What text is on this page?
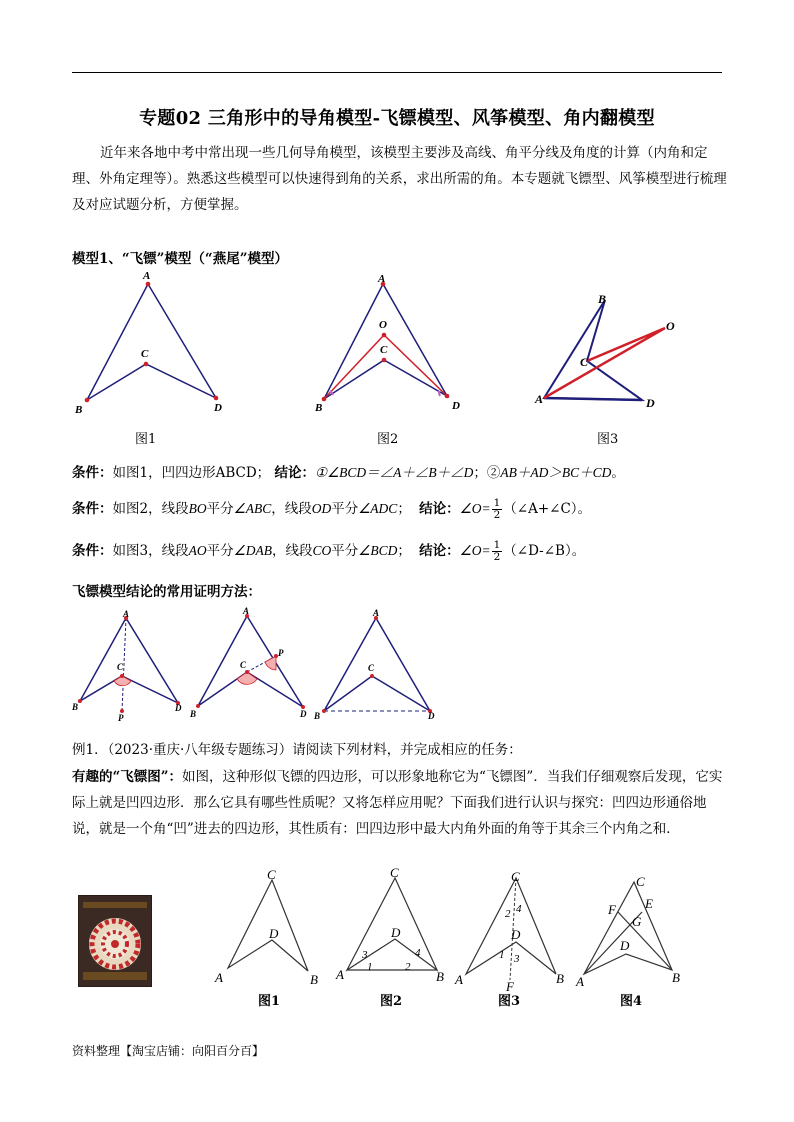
专题02 三角形中的导角模型-飞镖模型、风筝模型、角内翻模型
近年来各地中考中常出现一些几何导角模型，该模型主要涉及高线、角平分线及角度的计算（内角和定理、外角定理等）。熟悉这些模型可以快速得到角的关系，求出所需的角。本专题就飞镖型、风筝模型进行梳理及对应试题分析，方便掌握。
模型1、“飞镖”模型（“燕尾”模型）
A
B
C
D
图1
A
O
C
B	D
图2
B
O
C
A	D
图3
条件：如图1，凹四边形ABCD； 结论：①∠BCD＝∠A＋∠B＋∠D；②AB＋AD＞BC＋CD。
条件：如图2，线段BO平分∠ABC，线段OD平分∠ADC； 结论：∠O= $\frac{1}{2}$ （∠A+∠C）。
条件：如图3，线段AO平分∠DAB，线段CO平分∠BCD； 结论：∠O= $\frac{1}{2}$ （∠D-∠B）。
飞镖模型结论的常用证明方法：
A
C
B	D
P
A
C
P
B	D
A
C
B	D
例1．（2023·重庆·八年级专题练习）请阅读下列材料，并完成相应的任务：
有趣的“飞镖图”：如图，这种形似飞镖的四边形，可以形象地称它为“飞镖图”．当我们仔细观察后发现，它实际上就是凹四边形．那么它具有哪些性质呢？又将怎样应用呢？下面我们进行认识与探究：凹四边形通俗地说，就是一个角“凹”进去的四边形，其性质有：凹四边形中最大内角外面的角等于其余三个内角之和．
C
D
A	B
图1
C
D
A	B
3
1
4
2
图2
C
D
A	B
F
2 4
1 3
图3
C
F E
G
D
A	B
图4
资料整理【淘宝店铺：向阳百分百】
